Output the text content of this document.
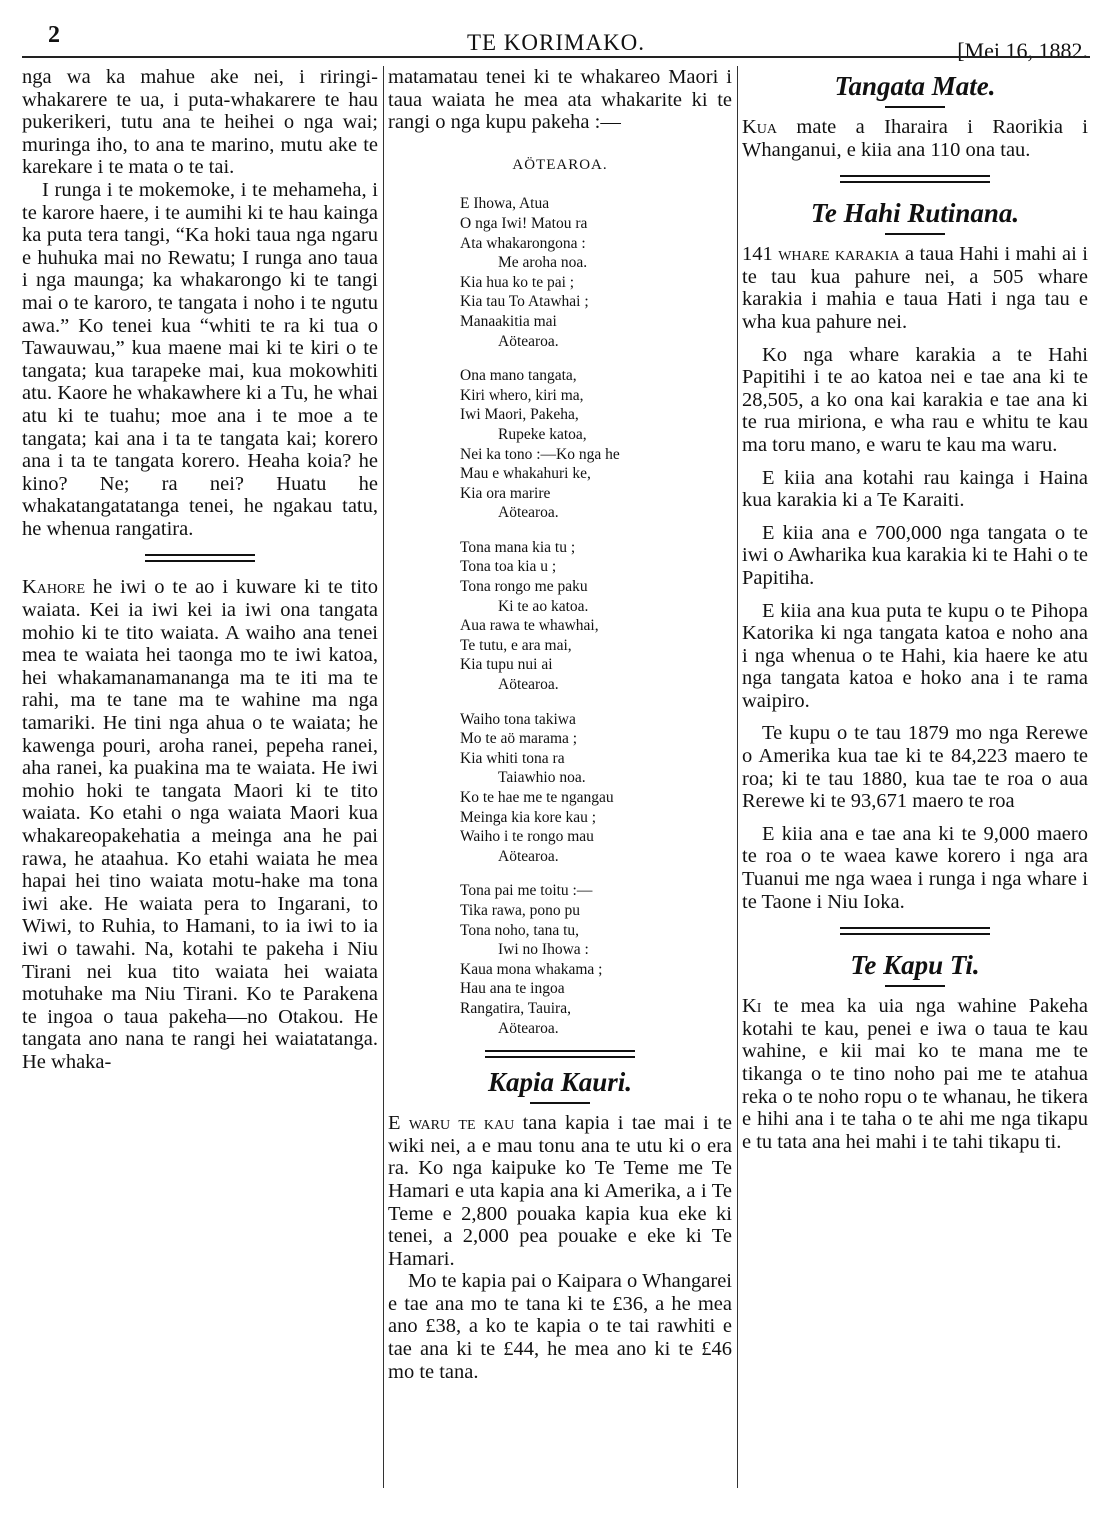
2	TE KORIMAKO.	[Mei 16, 1882.

nga wa ka mahue ake nei, i riringi-whakarere te ua, i puta-whakarere te hau pukerikeri, tutu ana te heihei o nga wai; muringa iho, to ana te marino, mutu ake te karekare i te mata o te tai.

I runga i te mokemoke, i te mehameha, i te karore haere, i te aumihi ki te hau kainga ka puta tera tangi, “Ka hoki taua nga ngaru e huhuka mai no Rewatu; I runga ano taua i nga maunga; ka whakarongo ki te tangi mai o te karoro, te tangata i noho i te ngutu awa.” Ko tenei kua “whiti te ra ki tua o Tawauwau,” kua maene mai ki te kiri o te tangata; kua tarapeke mai, kua mokowhiti atu. Kaore he whakawhere ki a Tu, he whai atu ki te tuahu; moe ana i te moe a te tangata; kai ana i ta te tangata kai; korero ana i ta te tangata korero. Heaha koia? he kino? Ne; ra nei? Huatu he whakatangatatanga tenei, he ngakau tatu, he whenua rangatira.

Kahore he iwi o te ao i kuware ki te tito waiata. Kei ia iwi kei ia iwi ona tangata mohio ki te tito waiata. A waiho ana tenei mea te waiata hei taonga mo te iwi katoa, hei whakamanamananga ma te iti ma te rahi, ma te tane ma te wahine ma nga tamariki. He tini nga ahua o te waiata; he kawenga pouri, aroha ranei, pepeha ranei, aha ranei, ka puakina ma te waiata. He iwi mohio hoki te tangata Maori ki te tito waiata. Ko etahi o nga waiata Maori kua whakareopakehatia a meinga ana he pai rawa, he ataahua. Ko etahi waiata he mea hapai hei tino waiata motu-hake ma tona iwi ake. He waiata pera to Ingarani, to Wiwi, to Ruhia, to Hamani, to ia iwi to ia iwi o tawahi. Na, kotahi te pakeha i Niu Tirani nei kua tito waiata hei waiata motuhake ma Niu Tirani. Ko te Parakena te ingoa o taua pakeha—no Otakou. He tangata ano nana te rangi hei waiatatanga. He whaka-

matamatau tenei ki te whakareo Maori i taua waiata he mea ata whakarite ki te rangi o nga kupu pakeha :—

AÖTEAROA.
E Ihowa, Atua
O nga Iwi! Matou ra
Ata whakarongona :
Me aroha noa.
Kia hua ko te pai ;
Kia tau To Atawhai ;
Manaakitia mai
Aötearoa.
Ona mano tangata,
Kiri whero, kiri ma,
Iwi Maori, Pakeha,
Rupeke katoa,
Nei ka tono :—Ko nga he
Mau e whakahuri ke,
Kia ora marire
Aötearoa.
Tona mana kia tu ;
Tona toa kia u ;
Tona rongo me paku
Ki te ao katoa.
Aua rawa te whawhai,
Te tutu, e ara mai,
Kia tupu nui ai
Aötearoa.
Waiho tona takiwa
Mo te aö marama ;
Kia whiti tona ra
Taiawhio noa.
Ko te hae me te ngangau
Meinga kia kore kau ;
Waiho i te rongo mau
Aötearoa.
Tona pai me toitu :—
Tika rawa, pono pu
Tona noho, tana tu,
Iwi no Ihowa :
Kaua mona whakama ;
Hau ana te ingoa
Rangatira, Tauira,
Aötearoa.
Kapia Kauri.

E waru te kau tana kapia i tae mai i te wiki nei, a e mau tonu ana te utu ki o era ra. Ko nga kaipuke ko Te Teme me Te Hamari e uta kapia ana ki Amerika, a i Te Teme e 2,800 pouaka kapia kua eke ki tenei, a 2,000 pea pouake e eke ki Te Hamari.

Mo te kapia pai o Kaipara o Whangarei e tae ana mo te tana ki te £36, a he mea ano £38, a ko te kapia o te tai rawhiti e tae ana ki te £44, he mea ano ki te £46 mo te tana.

Tangata Mate.

Kua mate a Iharaira i Raorikia i Whanganui, e kiia ana 110 ona tau.

Te Hahi Rutinana.

141 whare karakia a taua Hahi i mahi ai i te tau kua pahure nei, a 505 whare karakia i mahia e taua Hati i nga tau e wha kua pahure nei.

Ko nga whare karakia a te Hahi Papitihi i te ao katoa nei e tae ana ki te 28,505, a ko ona kai karakia e tae ana ki te rua miriona, e wha rau e whitu te kau ma toru mano, e waru te kau ma waru.

E kiia ana kotahi rau kainga i Haina kua karakia ki a Te Karaiti.

E kiia ana e 700,000 nga tangata o te iwi o Awharika kua karakia ki te Hahi o te Papitiha.

E kiia ana kua puta te kupu o te Pihopa Katorika ki nga tangata katoa e noho ana i nga whenua o te Hahi, kia haere ke atu nga tangata katoa e hoko ana i te rama waipiro.

Te kupu o te tau 1879 mo nga Rerewe o Amerika kua tae ki te 84,223 maero te roa; ki te tau 1880, kua tae te roa o aua Rerewe ki te 93,671 maero te roa

E kiia ana e tae ana ki te 9,000 maero te roa o te waea kawe korero i nga ara Tuanui me nga waea i runga i nga whare i te Taone i Niu Ioka.

Te Kapu Ti.

Ki te mea ka uia nga wahine Pakeha kotahi te kau, penei e iwa o taua te kau wahine, e kii mai ko te mana me te tikanga o te tino noho pai me te atahua reka o te noho ropu o te whanau, he tikera e hihi ana i te taha o te ahi me nga tikapu e tu tata ana hei mahi i te tahi tikapu ti.
